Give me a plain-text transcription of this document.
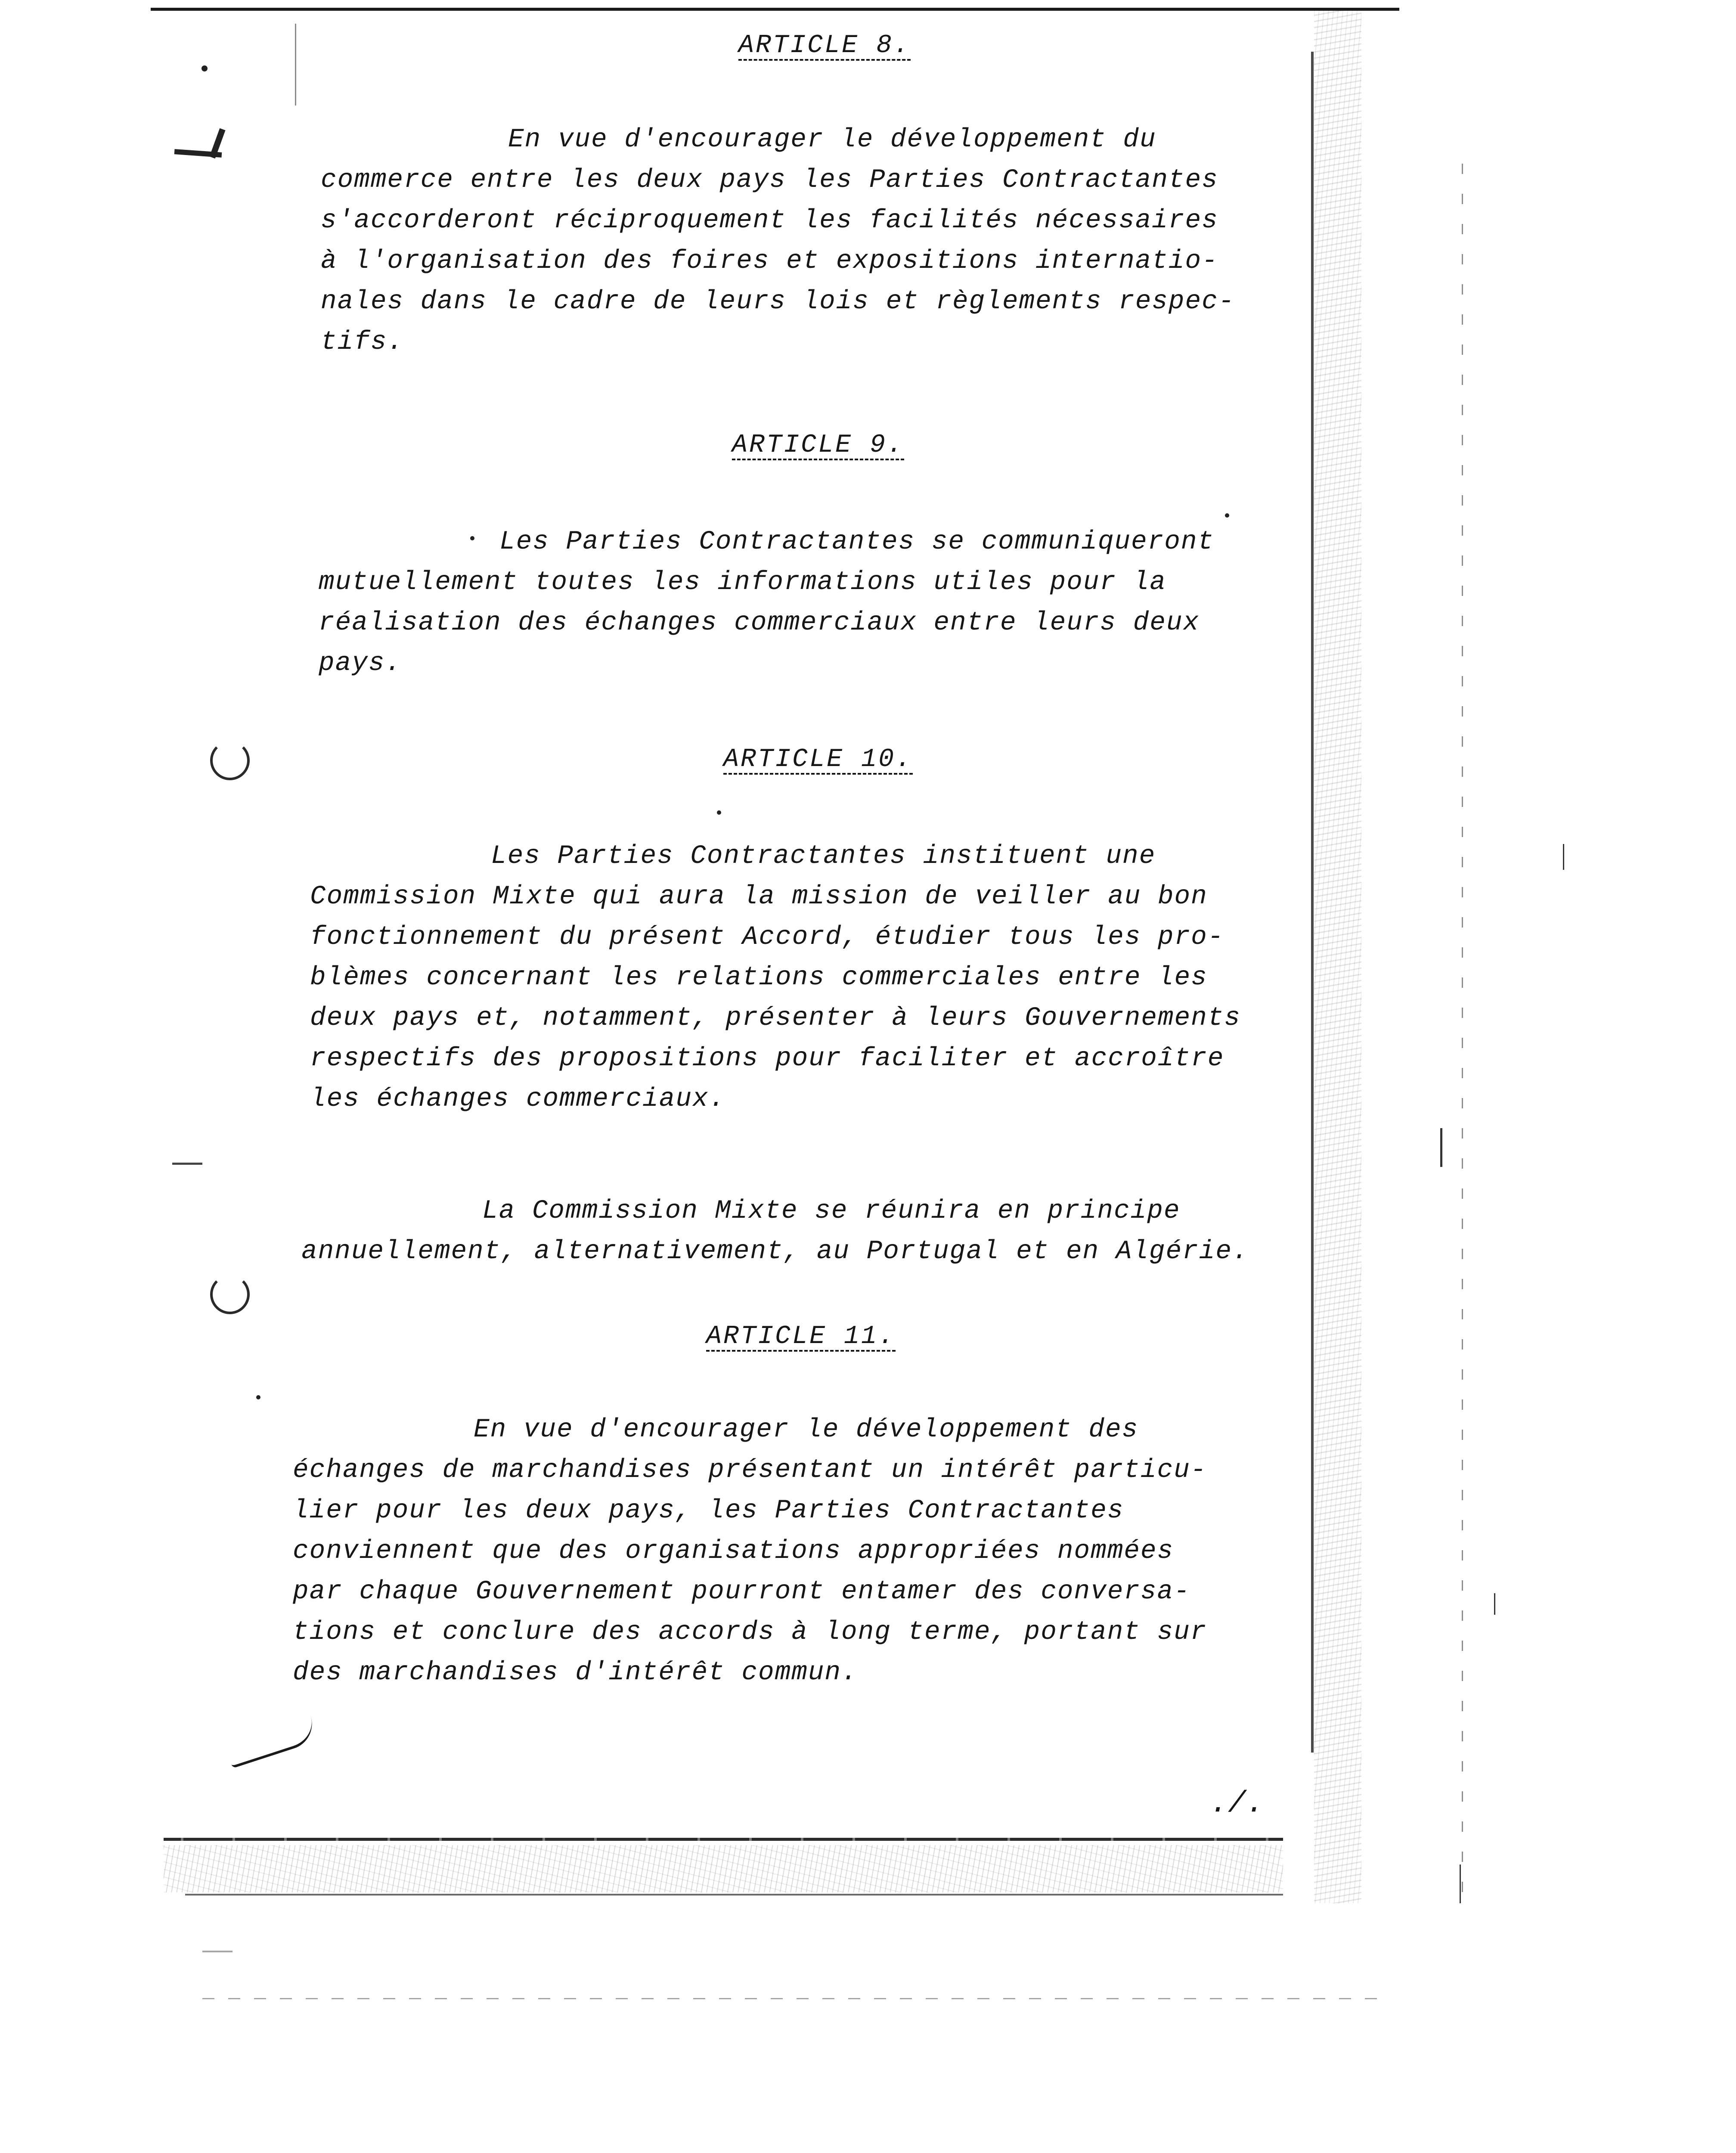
ARTICLE 8.
En vue d'encourager le développement du
commerce entre les deux pays les Parties Contractantes
s'accorderont réciproquement les facilités nécessaires
à l'organisation des foires et expositions internatio-
nales dans le cadre de leurs lois et règlements respec-
tifs.
ARTICLE 9.
Les Parties Contractantes se communiqueront
mutuellement toutes les informations utiles pour la
réalisation des échanges commerciaux entre leurs deux
pays.
ARTICLE 10.
Les Parties Contractantes instituent une
Commission Mixte qui aura la mission de veiller au bon
fonctionnement du présent Accord, étudier tous les pro-
blèmes concernant les relations commerciales entre les
deux pays et, notamment, présenter à leurs Gouvernements
respectifs des propositions pour faciliter et accroître
les échanges commerciaux.
La Commission Mixte se réunira en principe
annuellement, alternativement, au Portugal et en Algérie.
ARTICLE 11.
En vue d'encourager le développement des
échanges de marchandises présentant un intérêt particu-
lier pour les deux pays, les Parties Contractantes
conviennent que des organisations appropriées nommées
par chaque Gouvernement pourront entamer des conversa-
tions et conclure des accords à long terme, portant sur
des marchandises d'intérêt commun.
./.
